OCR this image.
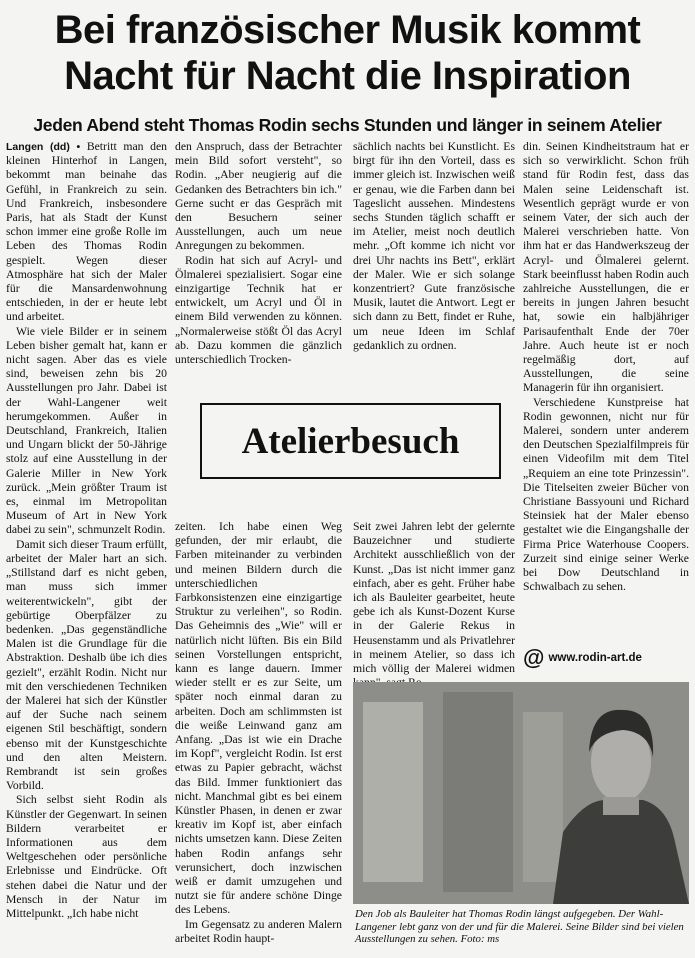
Bei französischer Musik kommt
Nacht für Nacht die Inspiration
Jeden Abend steht Thomas Rodin sechs Stunden und länger in seinem Atelier

Langen (dd) • Betritt man den kleinen Hinterhof in Langen, bekommt man beinahe das Gefühl, in Frankreich zu sein. Und Frankreich, insbesondere Paris, hat als Stadt der Kunst schon immer eine große Rolle im Leben des Thomas Rodin gespielt. Wegen dieser Atmosphäre hat sich der Maler für die Mansardenwohnung entschieden, in der er heute lebt und arbeitet.

Wie viele Bilder er in seinem Leben bisher gemalt hat, kann er nicht sagen. Aber das es viele sind, beweisen zehn bis 20 Ausstellungen pro Jahr. Dabei ist der Wahl-Langener weit herumgekommen. Außer in Deutschland, Frankreich, Italien und Ungarn blickt der 50-Jährige stolz auf eine Ausstellung in der Galerie Miller in New York zurück. „Mein größter Traum ist es, einmal im Metropolitan Museum of Art in New York dabei zu sein", schmunzelt Rodin.

Damit sich dieser Traum erfüllt, arbeitet der Maler hart an sich. „Stillstand darf es nicht geben, man muss sich immer weiterentwickeln", gibt der gebürtige Oberpfälzer zu bedenken. „Das gegenständliche Malen ist die Grundlage für die Abstraktion. Deshalb übe ich dies gezielt", erzählt Rodin. Nicht nur mit den verschiedenen Techniken der Malerei hat sich der Künstler auf der Suche nach seinem eigenen Stil beschäftigt, sondern ebenso mit der Kunstgeschichte und den alten Meistern. Rembrandt ist sein großes Vorbild.

Sich selbst sieht Rodin als Künstler der Gegenwart. In seinen Bildern verarbeitet er Informationen aus dem Weltgeschehen oder persönliche Erlebnisse und Eindrücke. Oft stehen dabei die Natur und der Mensch in der Natur im Mittelpunkt. „Ich habe nicht

den Anspruch, dass der Betrachter mein Bild sofort versteht", so Rodin. „Aber neugierig auf die Gedanken des Betrachters bin ich." Gerne sucht er das Gespräch mit den Besuchern seiner Ausstellungen, auch um neue Anregungen zu bekommen.

Rodin hat sich auf Acryl- und Ölmalerei spezialisiert. Sogar eine einzigartige Technik hat er entwickelt, um Acryl und Öl in einem Bild verwenden zu können. „Normalerweise stößt Öl das Acryl ab. Dazu kommen die gänzlich unterschiedlich Trocken-

sächlich nachts bei Kunstlicht. Es birgt für ihn den Vorteil, dass es immer gleich ist. Inzwischen weiß er genau, wie die Farben dann bei Tageslicht aussehen. Mindestens sechs Stunden täglich schafft er im Atelier, meist noch deutlich mehr. „Oft komme ich nicht vor drei Uhr nachts ins Bett", erklärt der Maler. Wie er sich solange konzentriert? Gute französische Musik, lautet die Antwort. Legt er sich dann zu Bett, findet er Ruhe, um neue Ideen im Schlaf gedanklich zu ordnen.

din. Seinen Kindheitstraum hat er sich so verwirklicht. Schon früh stand für Rodin fest, dass das Malen seine Leidenschaft ist. Wesentlich geprägt wurde er von seinem Vater, der sich auch der Malerei verschrieben hatte. Von ihm hat er das Handwerkszeug der Acryl- und Ölmalerei gelernt. Stark beeinflusst haben Rodin auch zahlreiche Ausstellungen, die er bereits in jungen Jahren besucht hat, sowie ein halbjähriger Parisaufenthalt Ende der 70er Jahre. Auch heute ist er noch regelmäßig dort, auf Ausstellungen, die seine Managerin für ihn organisiert.

Verschiedene Kunstpreise hat Rodin gewonnen, nicht nur für Malerei, sondern unter anderem den Deutschen Spezialfilmpreis für einen Videofilm mit dem Titel „Requiem an eine tote Prinzessin". Die Titelseiten zweier Bücher von Christiane Bassyouni und Richard Steinsiek hat der Maler ebenso gestaltet wie die Eingangshalle der Firma Price Waterhouse Coopers. Zurzeit sind einige seiner Werke bei Dow Deutschland in Schwalbach zu sehen.

Atelierbesuch

zeiten. Ich habe einen Weg gefunden, der mir erlaubt, die Farben miteinander zu verbinden und meinen Bildern durch die unterschiedlichen Farbkonsistenzen eine einzigartige Struktur zu verleihen", so Rodin. Das Geheimnis des „Wie" will er natürlich nicht lüften. Bis ein Bild seinen Vorstellungen entspricht, kann es lange dauern. Immer wieder stellt er es zur Seite, um später noch einmal daran zu arbeiten. Doch am schlimmsten ist die weiße Leinwand ganz am Anfang. „Das ist wie ein Drache im Kopf", vergleicht Rodin. Ist erst etwas zu Papier gebracht, wächst das Bild. Immer funktioniert das nicht. Manchmal gibt es bei einem Künstler Phasen, in denen er zwar kreativ im Kopf ist, aber einfach nichts umsetzen kann. Diese Zeiten haben Rodin anfangs sehr verunsichert, doch inzwischen weiß er damit umzugehen und nutzt sie für andere schöne Dinge des Lebens.

Im Gegensatz zu anderen Malern arbeitet Rodin haupt-

Seit zwei Jahren lebt der gelernte Bauzeichner und studierte Architekt ausschließlich von der Kunst. „Das ist nicht immer ganz einfach, aber es geht. Früher habe ich als Bauleiter gearbeitet, heute gebe ich als Kunst-Dozent Kurse in der Galerie Rekus in Heusenstamm und als Privatlehrer in meinem Atelier, so dass ich mich völlig der Malerei widmen @ www.rodin-art.de
Den Job als Bauleiter hat Thomas Rodin längst aufgegeben. Der Wahl-Langener lebt ganz von der und für die Malerei. Seine Bilder sind bei vielen Ausstellungen zu sehen. Foto: ms
